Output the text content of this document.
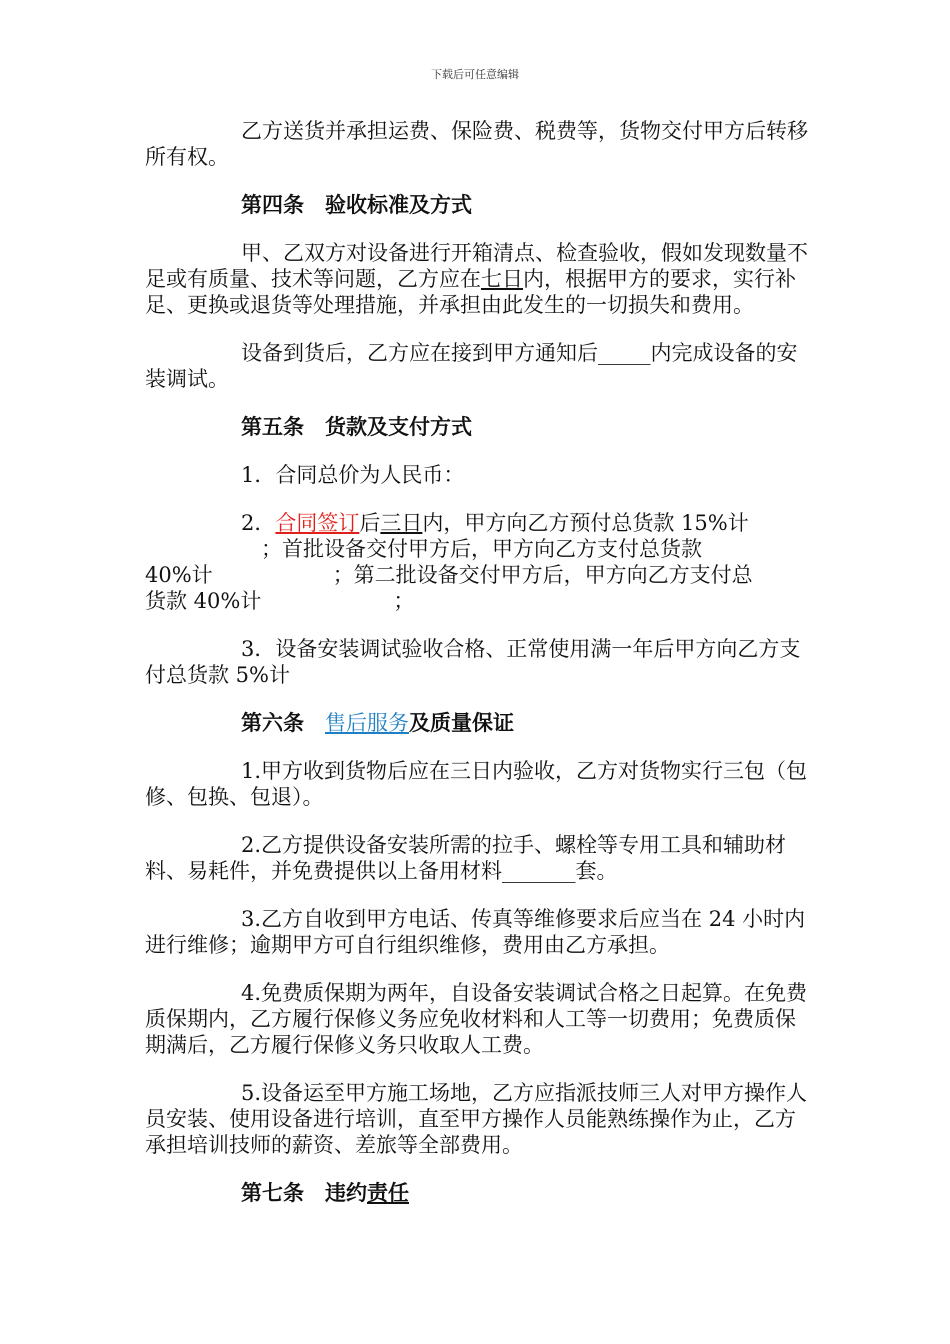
下载后可任意编辑

乙方送货并承担运费、保险费、税费等，货物交付甲方后转移所有权。

第四条  验收标准及方式

甲、乙双方对设备进行开箱清点、检查验收，假如发现数量不足或有质量、技术等问题，乙方应在七日内，根据甲方的要求，实行补足、更换或退货等处理措施，并承担由此发生的一切损失和费用。

设备到货后，乙方应在接到甲方通知后_____内完成设备的安装调试。

第五条  货款及支付方式

1．合同总价为人民币：

2．合同签订后三日内，甲方向乙方预付总货款 15%计
；首批设备交付甲方后，甲方向乙方支付总货款
40%计	；第二批设备交付甲方后，甲方向乙方支付总
货款 40%计	；

3．设备安装调试验收合格、正常使用满一年后甲方向乙方支付总货款 5%计

第六条  售后服务及质量保证

1.甲方收到货物后应在三日内验收，乙方对货物实行三包（包修、包换、包退）。

2.乙方提供设备安装所需的拉手、螺栓等专用工具和辅助材料、易耗件，并免费提供以上备用材料_______套。

3.乙方自收到甲方电话、传真等维修要求后应当在 24 小时内进行维修；逾期甲方可自行组织维修，费用由乙方承担。

4.免费质保期为两年，自设备安装调试合格之日起算。在免费质保期内，乙方履行保修义务应免收材料和人工等一切费用；免费质保期满后，乙方履行保修义务只收取人工费。

5.设备运至甲方施工场地，乙方应指派技师三人对甲方操作人员安装、使用设备进行培训，直至甲方操作人员能熟练操作为止，乙方承担培训技师的薪资、差旅等全部费用。

第七条  违约责任
